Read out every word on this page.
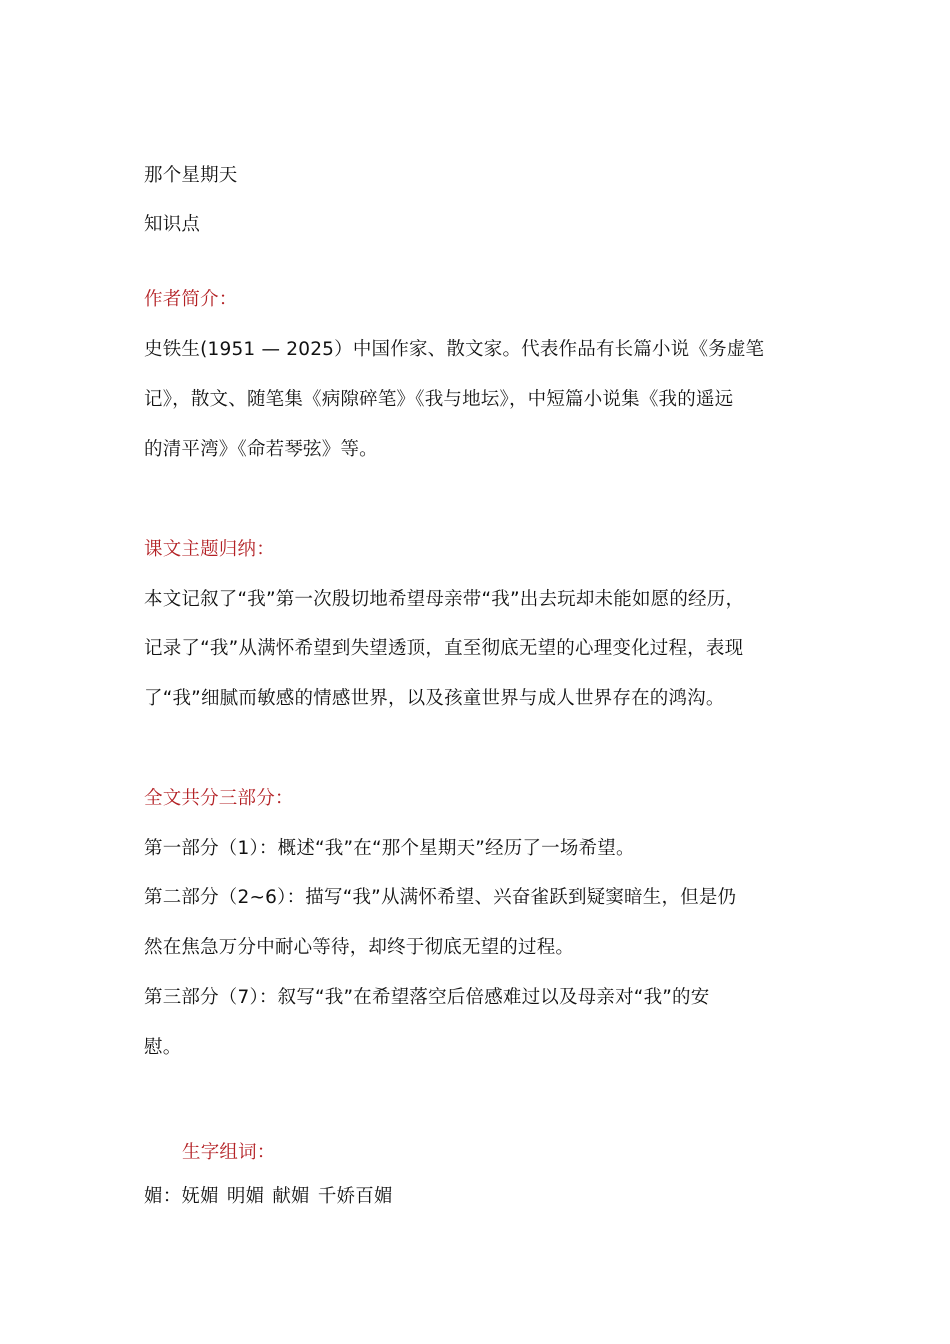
那个星期天
知识点
作者简介：
史铁生(1951 — 2025）中国作家、散文家。代表作品有长篇小说《务虚笔
记》，散文、随笔集《病隙碎笔》《我与地坛》，中短篇小说集《我的遥远
的清平湾》《命若琴弦》等。
课文主题归纳：
本文记叙了“我”第一次殷切地希望母亲带“我”出去玩却未能如愿的经历，
记录了“我”从满怀希望到失望透顶，直至彻底无望的心理变化过程，表现
了“我”细腻而敏感的情感世界，以及孩童世界与成人世界存在的鸿沟。
全文共分三部分：
第一部分（1）：概述“我”在“那个星期天”经历了一场希望。
第二部分（2~6）：描写“我”从满怀希望、兴奋雀跃到疑窦暗生，但是仍
然在焦急万分中耐心等待，却终于彻底无望的过程。
第三部分（7）：叙写“我”在希望落空后倍感难过以及母亲对“我”的安
慰。
生字组词：
媚：妩媚 明媚 献媚 千娇百媚
